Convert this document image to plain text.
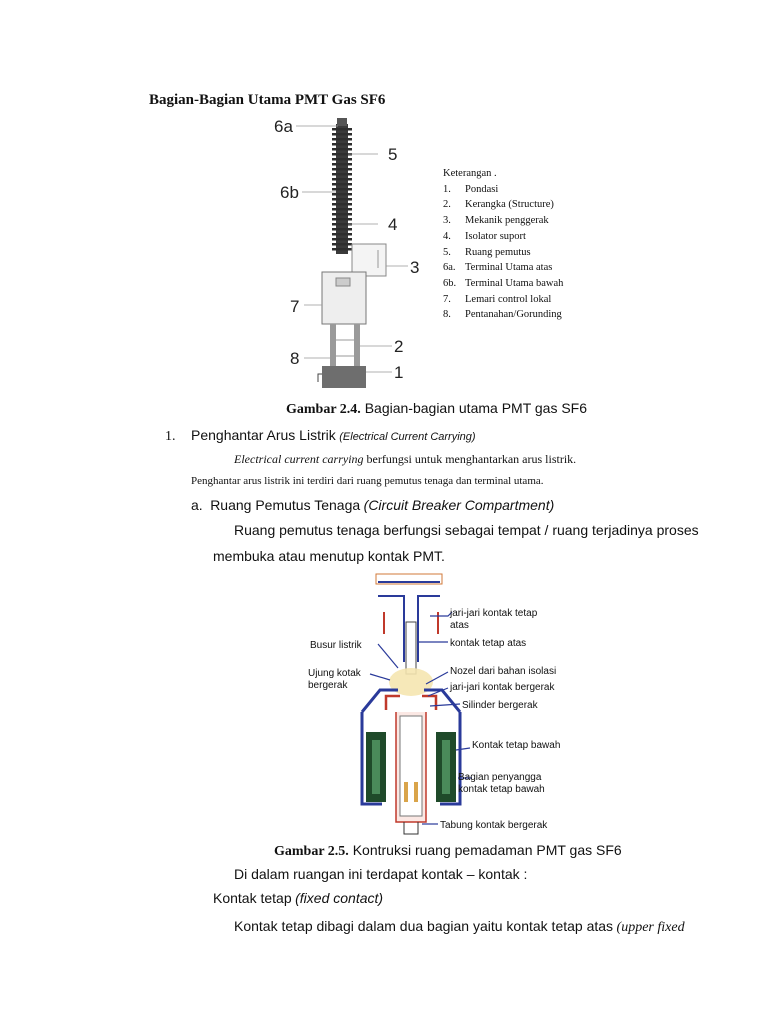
Bagian-Bagian Utama PMT Gas SF6
6a
5
6b
4
3
7
2
8
1
Keterangan .
1.	Pondasi
2.	Kerangka (Structure)
3.	Mekanik penggerak
4.	Isolator suport
5.	Ruang pemutus
6a. Terminal Utama atas
6b. Terminal Utama bawah
7.	Lemari control lokal
8.	Pentanahan/Gorunding
Gambar 2.4. Bagian-bagian utama PMT gas SF6
1. Penghantar Arus Listrik (Electrical Current Carrying)
Electrical current carrying berfungsi untuk menghantarkan arus listrik.
Penghantar arus listrik ini terdiri dari ruang pemutus tenaga dan terminal utama.
a. Ruang Pemutus Tenaga (Circuit Breaker Compartment)
Ruang pemutus tenaga berfungsi sebagai tempat / ruang terjadinya proses
membuka atau menutup kontak PMT.
jari-jari kontak tetap
atas
kontak tetap atas
Busur listrik
Ujung kotak
bergerak
Nozel dari bahan isolasi
jari-jari kontak bergerak
Silinder bergerak
Kontak tetap bawah
Bagian penyangga
kontak tetap bawah
Tabung kontak bergerak
Gambar 2.5. Kontruksi ruang pemadaman PMT gas SF6
Di dalam ruangan ini terdapat kontak – kontak :
Kontak tetap (fixed contact)
Kontak tetap dibagi dalam dua bagian yaitu kontak tetap atas (upper fixed
